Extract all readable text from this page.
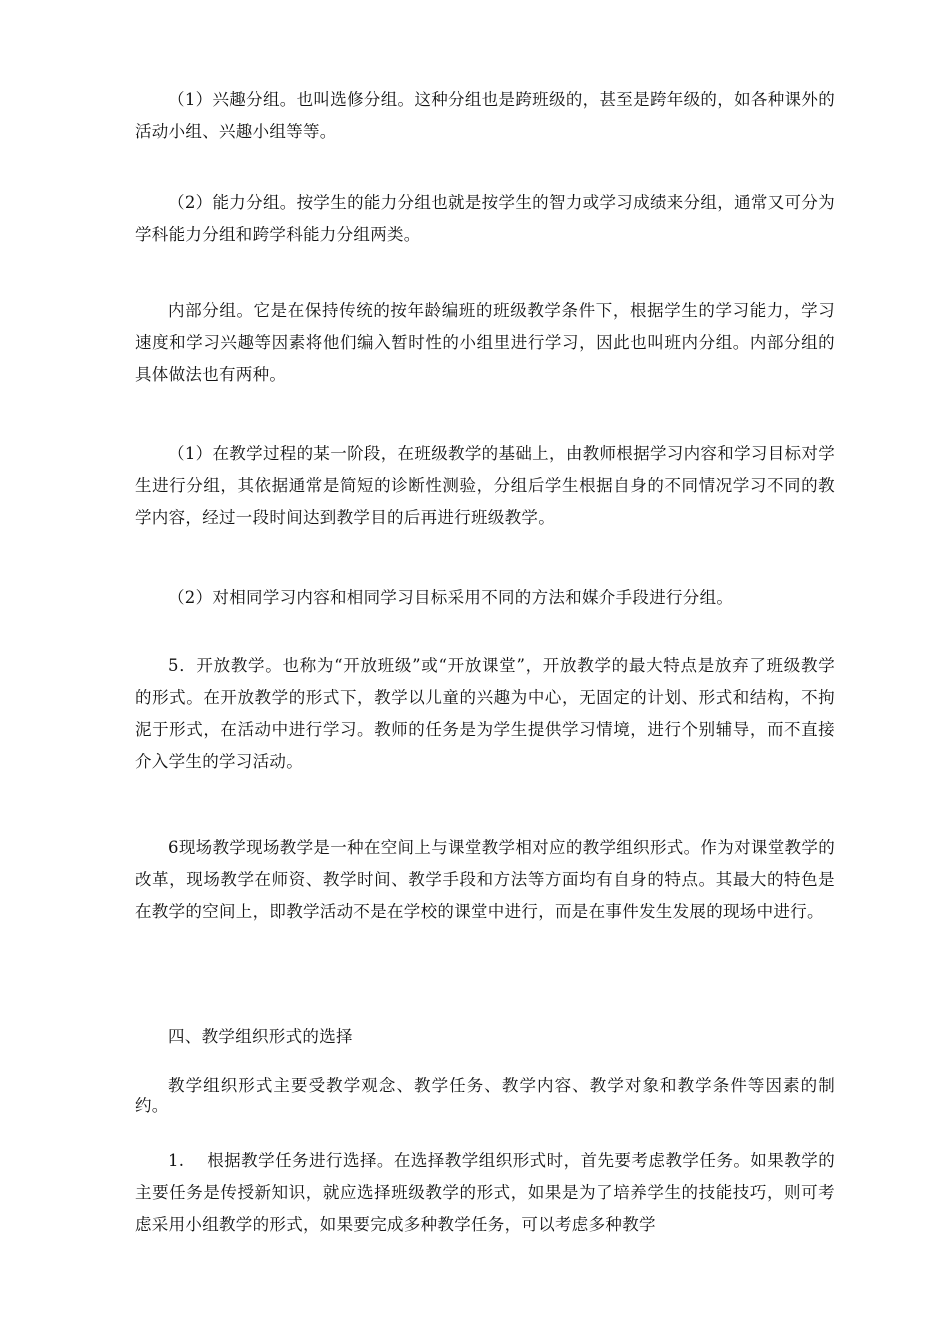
（1）兴趣分组。也叫选修分组。这种分组也是跨班级的，甚至是跨年级的，如各种课外的活动小组、兴趣小组等等。

（2）能力分组。按学生的能力分组也就是按学生的智力或学习成绩来分组，通常又可分为学科能力分组和跨学科能力分组两类。

内部分组。它是在保持传统的按年龄编班的班级教学条件下，根据学生的学习能力，学习速度和学习兴趣等因素将他们编入暂时性的小组里进行学习，因此也叫班内分组。内部分组的具体做法也有两种。

（1）在教学过程的某一阶段，在班级教学的基础上，由教师根据学习内容和学习目标对学生进行分组，其依据通常是简短的诊断性测验，分组后学生根据自身的不同情况学习不同的教学内容，经过一段时间达到教学目的后再进行班级教学。

（2）对相同学习内容和相同学习目标采用不同的方法和媒介手段进行分组。

5．开放教学。也称为“开放班级”或“开放课堂”，开放教学的最大特点是放弃了班级教学的形式。在开放教学的形式下，教学以儿童的兴趣为中心，无固定的计划、形式和结构，不拘泥于形式，在活动中进行学习。教师的任务是为学生提供学习情境，进行个别辅导，而不直接介入学生的学习活动。

6现场教学现场教学是一种在空间上与课堂教学相对应的教学组织形式。作为对课堂教学的改革，现场教学在师资、教学时间、教学手段和方法等方面均有自身的特点。其最大的特色是在教学的空间上，即教学活动不是在学校的课堂中进行，而是在事件发生发展的现场中进行。

四、教学组织形式的选择

教学组织形式主要受教学观念、教学任务、教学内容、教学对象和教学条件等因素的制约。

1.　 根据教学任务进行选择。在选择教学组织形式时，首先要考虑教学任务。如果教学的主要任务是传授新知识，就应选择班级教学的形式，如果是为了培养学生的技能技巧，则可考虑采用小组教学的形式，如果要完成多种教学任务，可以考虑多种教学
